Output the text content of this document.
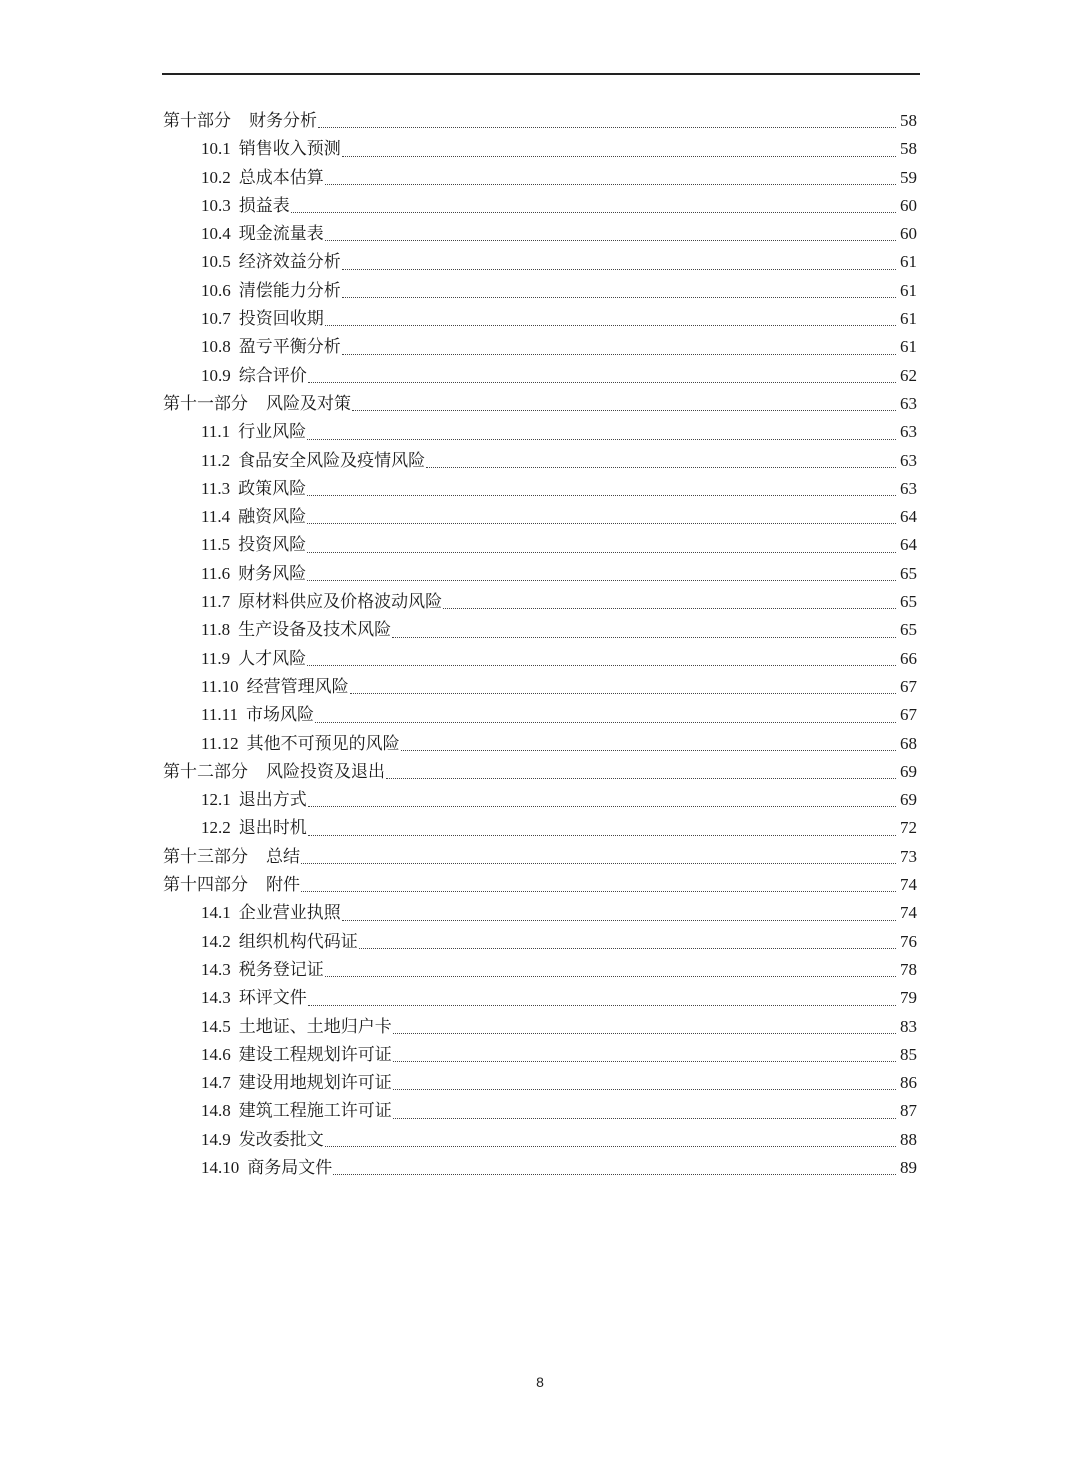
第十部分 财务分析	58
10.1 销售收入预测	58
10.2 总成本估算	59
10.3 损益表	60
10.4 现金流量表	60
10.5 经济效益分析	61
10.6 清偿能力分析	61
10.7 投资回收期	61
10.8 盈亏平衡分析	61
10.9 综合评价	62
第十一部分 风险及对策	63
11.1 行业风险	63
11.2 食品安全风险及疫情风险	63
11.3 政策风险	63
11.4 融资风险	64
11.5 投资风险	64
11.6 财务风险	65
11.7 原材料供应及价格波动风险	65
11.8 生产设备及技术风险	65
11.9 人才风险	66
11.10 经营管理风险	67
11.11 市场风险	67
11.12 其他不可预见的风险	68
第十二部分 风险投资及退出	69
12.1 退出方式	69
12.2 退出时机	72
第十三部分 总结	73
第十四部分 附件	74
14.1 企业营业执照	74
14.2 组织机构代码证	76
14.3 税务登记证	78
14.3 环评文件	79
14.5 土地证、土地归户卡	83
14.6 建设工程规划许可证	85
14.7 建设用地规划许可证	86
14.8 建筑工程施工许可证	87
14.9 发改委批文	88
14.10 商务局文件	89
8
